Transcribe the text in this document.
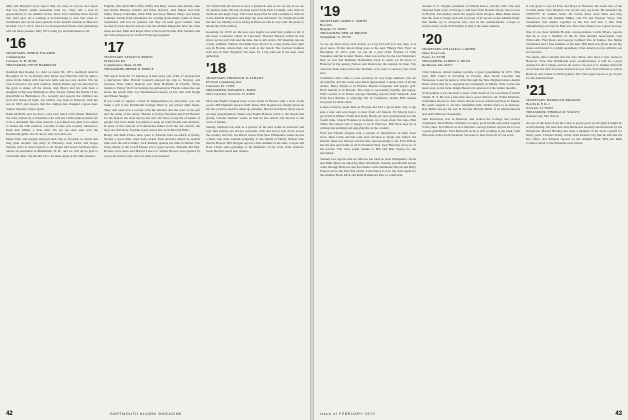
Matt and Margaret Gray report they are busy as can be and report that Joe Harris seems unusually well too. They sell a note in appreciation of our Alumni Notes. Dave and Catherine have moved into 1915 spot. As a windup, it is interesting to note that some 17 classmates and wives were present at the interim reunion in Hanover October 13-17, 1971, and it is to be hoped that future class gatherings will see more present. May 1972 bring joy and happiness to all.

'16
SECRETARY, JOHN B. ESLABER
2 Dunning Rd.
Lebanon, N. H. 03766
TREASURER, STEVE HARRISON

Rudolph Rex Reeder Jr., died on April 30, 1971, Gumball dead in Brooklyn, N. Y., in January. Ray Dever says Hanover will be quite a place in the future with four new halls and two new dorms. We can look forward to the next reunion. Ralph Parker says he shoveled in the gym to shake off the winter. Ray Bracy and his wife have a daughter living near Burlington. May Tucker visited the family of her grandchild in Burlington, Vt., recently and reports the children are well and doing all right. Joe Crilley was back in Hanover with her son in 1915 and reports that the campus has changed a great deal. Walter Wheeler writes again.

Rube McFella says he had a very nice lunch with Walter Hubbard. We were visited by a classmate who said the 1916 reunion turned out to be a decidedly fine class reunion. Leon Reed was glad to be asked to attend the 55th reunion. Carolina Cooke was recently married to Ruth Ann Miller, a Yale man. We are not sure who won the Dartmouth game, but we know who won that one.

Elmer Hart and August enjoyed their trip to Vacation so much that they plan another trip early in February. Ken Lamb and Roger Stanley write to send regards to all. Roger and Grace Gilchrest have rented an apartment in Bethlehem, N. H., and we will all be glad to visit them there. We should try to all meet again at the 56th reunion.

English, Jim and Edith Coffin, Duffy and Betty Lewis, Abe Zeitlin, Jake and Addie Menzel, Charlie and Edna Stevens, Jake Mayer and Jack Wells, Shorty Fairbanks, Dick Ellis and Jerry Hallett, Hugo and Ginny Lambert. Greek from classmates are coming in the mails. Some of these classmates will not be present, but they all send good wishes. Ken Goodrich wrote that he always read the Alumni Magazine first; the class notes second. Ruth and Roger Rice write from Florida. Bob Sanders and Art Schoenberg report on the Florida get-together.

'17
SECRETARY, LYMAN R. BURNS
62 Berwick Rd.
Longmeadow, Mass. 01106
TREASURER, HENRY R. PRINCE

The report from the '17 luncheon is that every one of the 17 present had a marvelous time. Harold Caswell enjoyed his trip to Norway and Sweden. Fran Sutter Duncan saw Dick Hoffman in Florida. Many thanks to Perley Wolf for hosting the gathering in Florida where the sun shone the whole time. Joe Weatherhead reports on his visit with Ralph and Eileen Skaggs.

If you want to support a fund of independence in education, you can make a gift to the Dartmouth College Fund or our school alma mater. They will send you a receipt with the amount and the year of the gift and the name of the donor. Thanks to Irving Newman and Fred Bonner for the help in the class survey last fall. We have a long list of names of people who have made it possible to keep up with friends and relatives. In spite of the removal of bothersome fumes from the old cannon, the boys are still there. Freddie Gates drives his car in Beverly Hills.

Henry and Beth Prince have gone to Florida. Ken Goodrich is finally having a good time. Jean Saxe writes from Arizona where he spends time with his son's family. Jack Ramsey spends his time in Maine. The Class dinner at the Coach House was a great success. Wendell and Mrs. Bowles were there and Harold Lane too. Walter Brewer was greeted by everyone in the room, and was glad to be present.

Vic Smith tells me that he is now a patriarch, and so are we all, as we are all getting older. He has recently heard from Bob Crandall, who lives in Vermont and keeps busy. The Class hopes that he will continue to write in to the Alumni Magazine and keep the class informed. Vic Smith also tells me that Joe Shelley is now living in Hanover and is very well. He plans to attend the 55th reunion.

Greetings for 1972! As the new year begins we send best wishes to all. It has been a pleasant winter in Lancaster. Howard Benson writes he has given up the golf club and the lake, but is still active. Ed Sherman reports a busy summer. Nelson and Ruth have moved to a new home near their son in Florida, where they can walk to the beach. The Carlson brothers both live in New England. We hope for a big turn-out at the next class gathering.

'18
SECRETARY, THOMAS B. R. ALBANY
95 North Landenberg Ave.
Lancaster, Pa. 17603
TREASURER, EDWARD L. BAER
Old Coach Rd., Norwich, Vt. 05055

Dick and Phyllis Sargent have a new home in Florida with a view of the ocean. Bill Dunham reports from Texas. Bob Kaplan has finally given up his law practice and has taken up painting. Harold and Mary Davis report on their grandchildren. Walter and Esther Hanson travel to the Orient this spring. Charles Sumner writes us that he has retired and moved to the coast of Maine.

Stanley Gibbons has sent us a picture of his new home in Vermont and says that visitors are always welcome. Jack and Grace Lee drove across the country last fall. Joe Baron writes from New Hampshire where he has a farm. The class extends sympathy to the family of Henry Wilson who died in Boston. Bill Morgan reports a fine summer at the lake. Cooper and Rose Chase send greetings to all members of the class from Arizona. Gene Herbert sends best wishes.

42	DARTMOUTH ALUMNI MAGAZINE
'19
SECRETARY, JAMES C. SMITH
Box 204
Ryegate, Vt. 05042
TREASURER, NEIL M. BROWN
Springfield, Vt. 05156

So we see three more each month, so I say let's tell it to the class. It is good news. If this whole thing goes to the next 'Happy New Year' on December 31 1971, well, we are all a year older. Friends of John Valentine and his wonder Sheila. John was active for the last Valentine's Day, as was Ted Dunham. Remember back to when we all drove to Hanover in the spring. Nelson and Ruth have the reunion in June. The class has been asked about the Sixtieth, so be sure to send in your cards now.

Christmas cards came to your secretary in very large numbers. We are all grateful, and the cards were much appreciated. I made a list of all the names. Harry Marsh is in Florida. Harold Carpenter still enjoys golf. Herb Merrill is in Hawaii. The class is reasonably healthy and happy. Walt Connor is in Texas. George Dunning reports from Vermont. And from Rod Boman is enjoying life in California. Ralph Ellis thanks everyone for their cards.

Louise Grausay spent time in Florida and had a good time. Ray Lopp sent a note and was happy to hear from old friends. Ed Moody had a good fall in Maine. Frank and Jenny Hardy are now grandparents for the fourth time. Chuck Flanders is working on a book about the class. Bob Tuttle has retired and is happy to be in Hanover. Bill Peck says he is writing and painting and enjoying life in the country.

Fred and Phyllis Sargent sent a picture of themselves on their front lawn. Dick Clark and his wife Jean traveled to Spain and visited old friends. Dean Joe Weaver and his wife send greetings to all. Fred Wilson has his fine new home at 2215 Northern Way. Jack Harrison wrote us of his travels. The class sends thanks to Hal and Bob Young for the newsletter.

Samuel Lee reports that he still has his farm in New Hampshire. Doris and Mike Ryan are enjoying their retirement. Stanley and Martha Green came through Hanover and had dinner with classmates. Brook and Betty Warren are in the East this winter. John Pierce is now the class agent for the Alumni Fund. Dick and Ruth Hammond flew to California.

include V. C. Zeigler, president of Gillette Razor, and his wife, who just returned from a trip to Europe. I still hear from Ronnie Wood, who is now in Florida. Ted Kelley sends his regards from Oregon. Mike Dunn writes that the class is doing well and is proud of its record in the Alumni Fund. Our thanks go to everyone who sent in the questionnaire. I hope to receive more cards. Paul Kelley is still at the same address.

'20
SECRETARY, WILLIAM A. CARTER
Sheer Frost Lane
Essex, Vt. 05799
TREASURER, ALBERT S. DEAN
Richmond, Ma. 04357

Clint Johnson, retired banker, became a great grandfather in 1971. This year, Bill Carter is traveling in Florida, then North Carolina and Tennessee. Later he plans to drive through the New England states. Austin Dean writes that he is enjoying his retirement in Maine. Nels Carter has been busy on the farm. Ralph Dean is in Arizona for the winter months.

In November I was shocked to hear of the death of Joe Goodrich of North Salem, N. Y. He was a fine man and a good friend to all. Frank Moulton, sometimes known as Ted, writes that he is now retired and lives in Maine. He sends regards to all who remember him. Walter Dane is in Arizona. Ray Heller enjoys the sun in Florida. Harold Miller is in Massachusetts and visits Hanover frequently.

Seth Robertson was in Hanover and visited the College and several classmates. Dick Burke continues to enjoy good health and sends regards to the class. Ted Wilson is in California. George Dexter reports he is now a great-grandfather. Fred Hall tells us he is still working at the bank. Sam Morrison writes from Vermont. We hope to hear from all of you soon.

It was great to see Al Frey and Hope in Hanover the week end of the Cornell game. Wes Dundon was on his way up north. He attended the TWENTY '41 alumni clinic. Of course there were Dick and Kay Sherwood, Ed and Pauline Miller, and Ed and Eleanor Stacy. The classmates had dinner together at the Inn and had a fine time remembering old days in Hanover. The Class dinner was a great success.

One of our most faithful Florida correspondents, Leslie Myers, reports that he is now a member of the St. Pete Alumni Association. Gus Whitcomb, Fred Reed, and George Lambert live in Tampa. The Maine classmates had a fine summer at the lake. Bill Dean has given up his big house and moved to a small apartment. Chet Adams is now with his son in Colorado.

We salute Jake Crandall and his wife Mary, who have a new home in Hanover. Now that Dartmouth goes coeducational, it will be a great change for the College, and we all want to be part of it. Stanley Edwards wrote that his wife had been sick but is now well. Fred Nichols is still in Hanover and comes to all the games. The class agent reports a good year for the Alumni Fund.

'21
SECRETARY, HAROLD B. BRAMAN
Box 84 R. F. D. 2
Norwich, Vt. 05055
TREASURER, THOMAS W. STALEY
Kansas City, Mo. 64112

As one of the news from the Class is pretty good we thought it might be worth sharing. We hear that Jack Burns has recently been honored by his hometown. Harold Bradley has been a member of the town council for many years. Thomas Staley writes from Kansas City that he still has his law office. Art Johnson reports on the Alumni Fund. Bill and Ruth Conners travel to the Bahamas each winter.

Issue of FEBRUARY 1972	43
